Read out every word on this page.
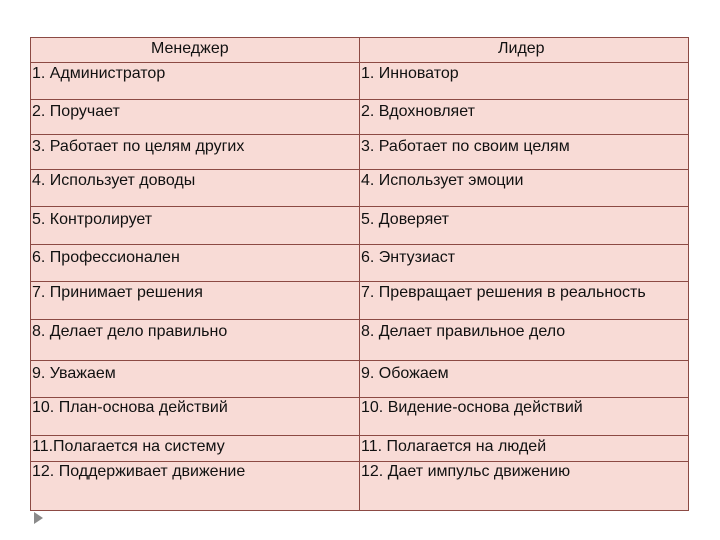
Менеджер	Лидер
1. Администратор	1. Инноватор
2. Поручает	2. Вдохновляет
3. Работает по целям других	3. Работает по своим целям
4. Использует доводы	4. Использует эмоции
5. Контролирует	5. Доверяет
6. Профессионален	6. Энтузиаст
7. Принимает решения	7. Превращает решения в реальность
8. Делает дело правильно	8. Делает правильное дело
9. Уважаем	9. Обожаем
10. План-основа действий	10. Видение-основа действий
11.Полагается на систему	11. Полагается на людей
12. Поддерживает движение	12. Дает импульс движению
